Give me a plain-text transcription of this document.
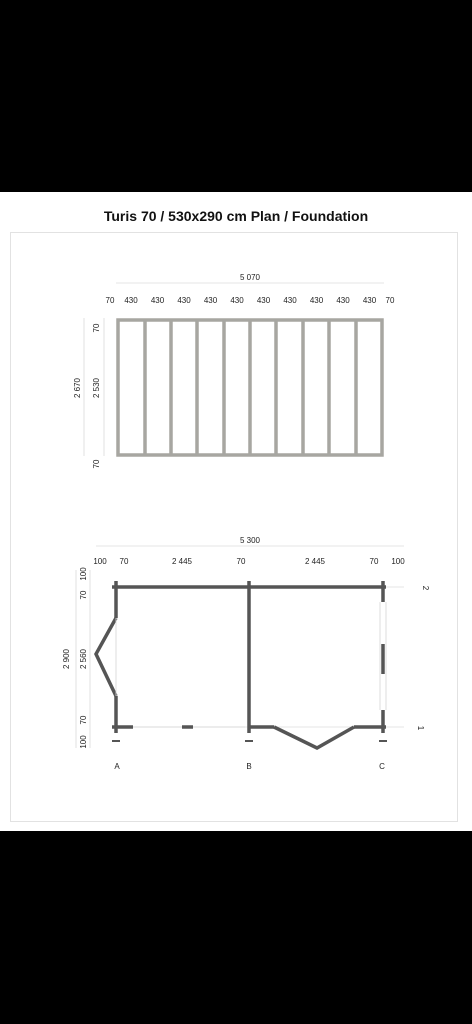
Turis 70 / 530x290 cm Plan / Foundation
5 070
70 430 430 430 430 430 430 430 430 430 430 70
2 670
70
2 530
70
5 300
100 70	2 445	70	2 445	70 100
2 900
100
70
2 560
70
100
A	B	C
2
1
